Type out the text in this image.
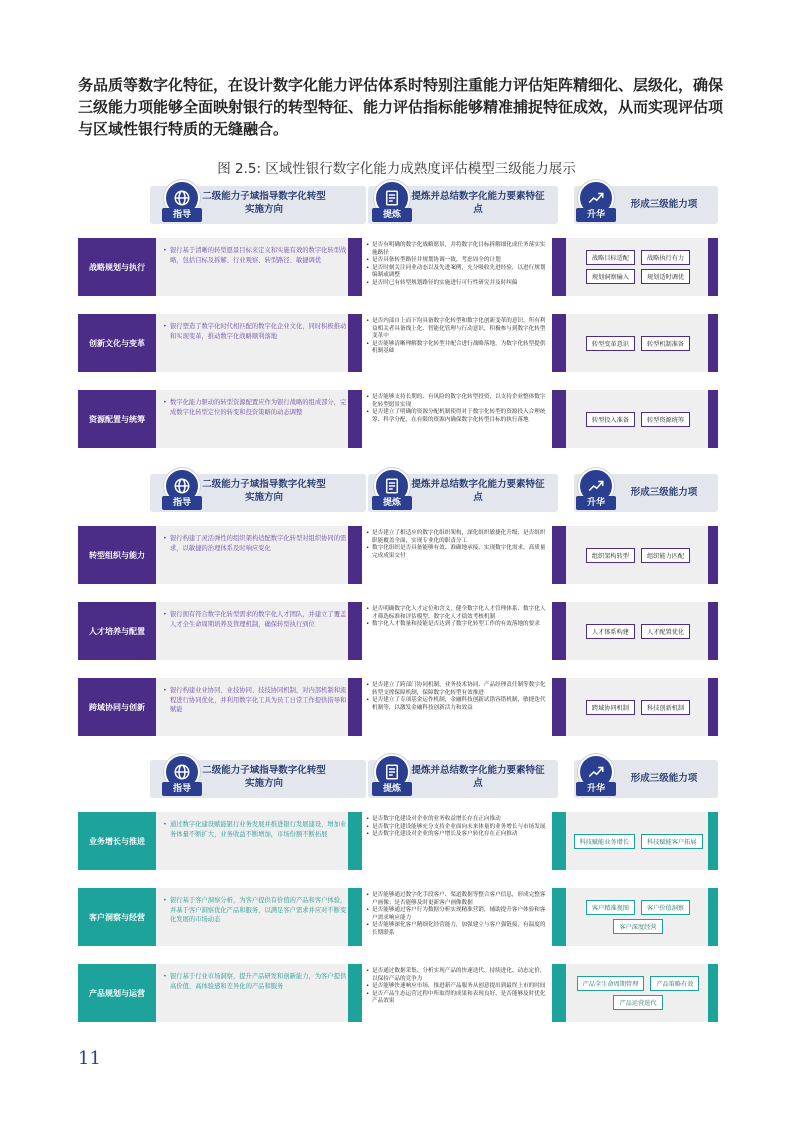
务品质等数字化特征，在设计数字化能力评估体系时特别注重能力评估矩阵精细化、层级化，确保三级能力项能够全面映射银行的转型特征、能力评估指标能够精准捕捉特征成效，从而实现评估项与区域性银行特质的无缝融合。
图 2.5: 区域性银行数字化能力成熟度评估模型三级能力展示
指导
二级能力子域指导数字化转型实施方向	提炼
提炼并总结数字化能力要素特征点	升华
形成三级能力项
战略规划与执行
• 银行基于清晰的转型愿景目标来定义和实施有效的数字化转型战略，包括目标及拆解、行业观察、转型路径、敏捷调优
• 是否有明确的数字化战略愿景，并将数字化目标拆解细化成任务落实实施路径
• 是否具备转型路径并规划协调一致，考虑周全的计划
• 是否时刻关注同业动态以及先进案例，充分吸收先进经验，以进行规划编制或调整
• 是否时已有转型规划路径的实施进行可行性研究并及时纠偏
战略目标适配	战略执行有力
规划洞察输入	规划适时调优
创新文化与变革
• 银行塑造了数字化时代相匹配的数字化企业文化，同时积极推动和实现变革，推动数字化战略顺利落地
• 是否内部自上而下均具备数字化转型和数字化创新变革的意识，所有利益相关者具备线上化、智能化管理与行动意识，积极参与到数字化转型变革中
• 是否能够清晰理解数字化转型并配合进行战略落地，为数字化转型提供机制基础
转型变革意识	转型机制准备
资源配置与统筹
• 数字化能力驱动的转型资源配置应作为银行战略的组成部分，完成数字化转型定位的转变和投资策略的动态调整
• 是否能够支持长期的、有风险的数字化转型投资，以支持企业整体数字化转型愿景实现
• 是否建立了明确的资源分配机制使得对于数字化转型的资源投入合理统筹、科学分配，在有限的资源内确保数字化转型目标的执行落地	转型投入准备	转型资源统筹
指导
二级能力子域指导数字化转型实施方向	提炼
提炼并总结数字化能力要素特征点	升华
形成三级能力项
转型组织与能力
• 银行构建了灵活弹性的组织架构适配数字化转型对组织协同的需求，以敏捷的治理体系及时响应变化
• 是否建立了相适应的数字化组织架构，深化组织敏捷化升级；是否组织职能覆盖全面，实现专业化的职责分工
• 数字化组织是否具备能够有效、准确地承接、实现数字化需求，高质量完成成果交付	组织架构转型	组织能力匹配
人才培养与配置
• 银行拥有符合数字化转型需求的数字化人才团队，并建立了覆盖人才全生命周期培养及管理机制，确保转型执行到位
• 是否明确数字化人才定位和含义，健全数字化人才管理体系、数字化人才筛选标准和评估模型、数字化人才绩效考核机制
• 数字化人才数量和技能是否达到了数字化转型工作的有效落地的要求
人才体系构建	人才配置优化
跨域协同与创新
• 银行构建业业协同、业技协同、技技协同机制，对内部机制和流程进行协同优化，并利用数字化工具为员工日常工作提供指导和赋能
• 是否建立了跨部门协同机制，业务技术协同、产品经理责任制等数字化转型支撑保障机制，保障数字化转型有效推进
• 是否建立了专项基金运作机制，金融科技创新试错容错机制，敏捷迭代机制等，以激发金融科技创新活力和效益	跨域协同机制	科技创新机制
指导
二级能力子域指导数字化转型实施方向	提炼
提炼并总结数字化能力要素特征点	升华
形成三级能力项
业务增长与推进
• 通过数字化建设赋能银行业务发展并推进银行发展建设，增加业务体量不断扩大，业务收益不断增加，市场份额不断拓展
• 是否数字化建设对企业的业务收益增长存在正向推动
• 是否数字化建设能够充分支持企业面向未来体量的业务增长与市场发展
• 是否数字化建设对企业的客户增长及客户转化存在正向推动
科技赋能业务增长	科技赋能客户拓展
客户洞察与经营
• 银行基于客户洞察分析，为客户提供有价值的产品和客户体验，并基于客户洞察优化产品和服务，以满足客户需求并应对不断变化发展的市场动态
• 是否能够通过数字化手段客户、渠道数据等整合客户信息，形成完整客户画像；是否能够及时更新客户画像数据
• 是否能够通过客户行为数据分析实现精准营销，辅助提升客户体验和客户需求响应能力
• 是否能够深化客户精细化经营能力，加强建立与客户强链接，有温度的长期联系
客户精准视图	客户价值洞察
客户深度经营
产品规划与运营
• 银行基于行业市场洞察，提升产品研发和创新能力，为客户提供高价值、高体验感和差异化的产品和服务
• 是否通过数据采集、分析实现产品的快速迭代、持续进化、动态定价，以保持产品的竞争力
• 是否能够快速响应市场，推进新产品服务从创意提出到最终上市的时间
• 是否产品生态运营过程中所取得的成果和表现良好，是否能够及时优化产品效果
产品全生命周期管理	产品策略有效
产品运营迭代
11
